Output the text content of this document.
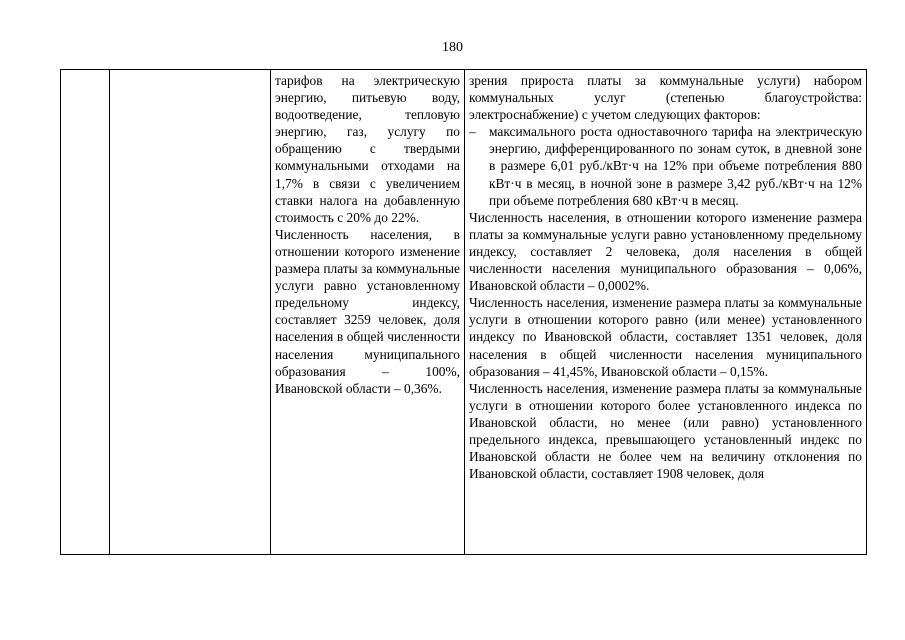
180

тарифов на электрическую энергию, питьевую воду, водоотведение, тепловую энергию, газ, услугу по обращению с твердыми коммунальными отходами на 1,7% в связи с увеличением ставки налога на добавленную стоимость с 20% до 22%.

Численность населения, в отношении которого изменение размера платы за коммунальные услуги равно установленному предельному индексу, составляет 3259 человек, доля населения в общей численности населения муниципального образования – 100%, Ивановской области – 0,36%.

зрения прироста платы за коммунальные услуги) набором коммунальных услуг (степенью благоустройства: электроснабжение) с учетом следующих факторов:

– максимального роста одноставочного тарифа на электрическую энергию, дифференцированного по зонам суток, в дневной зоне в размере 6,01 руб./кВт·ч на 12% при объеме потребления 880 кВт·ч в месяц, в ночной зоне в размере 3,42 руб./кВт·ч на 12% при объеме потребления 680 кВт·ч в месяц.

Численность населения, в отношении которого изменение размера платы за коммунальные услуги равно установленному предельному индексу, составляет 2 человека, доля населения в общей численности населения муниципального образования – 0,06%, Ивановской области – 0,0002%.

Численность населения, изменение размера платы за коммунальные услуги в отношении которого равно (или менее) установленного индексу по Ивановской области, составляет 1351 человек, доля населения в общей численности населения муниципального образования – 41,45%, Ивановской области – 0,15%.

Численность населения, изменение размера платы за коммунальные услуги в отношении которого более установленного индекса по Ивановской области, но менее (или равно) установленного предельного индекса, превышающего установленный индекс по Ивановской области не более чем на величину отклонения по Ивановской области, составляет 1908 человек, доля
